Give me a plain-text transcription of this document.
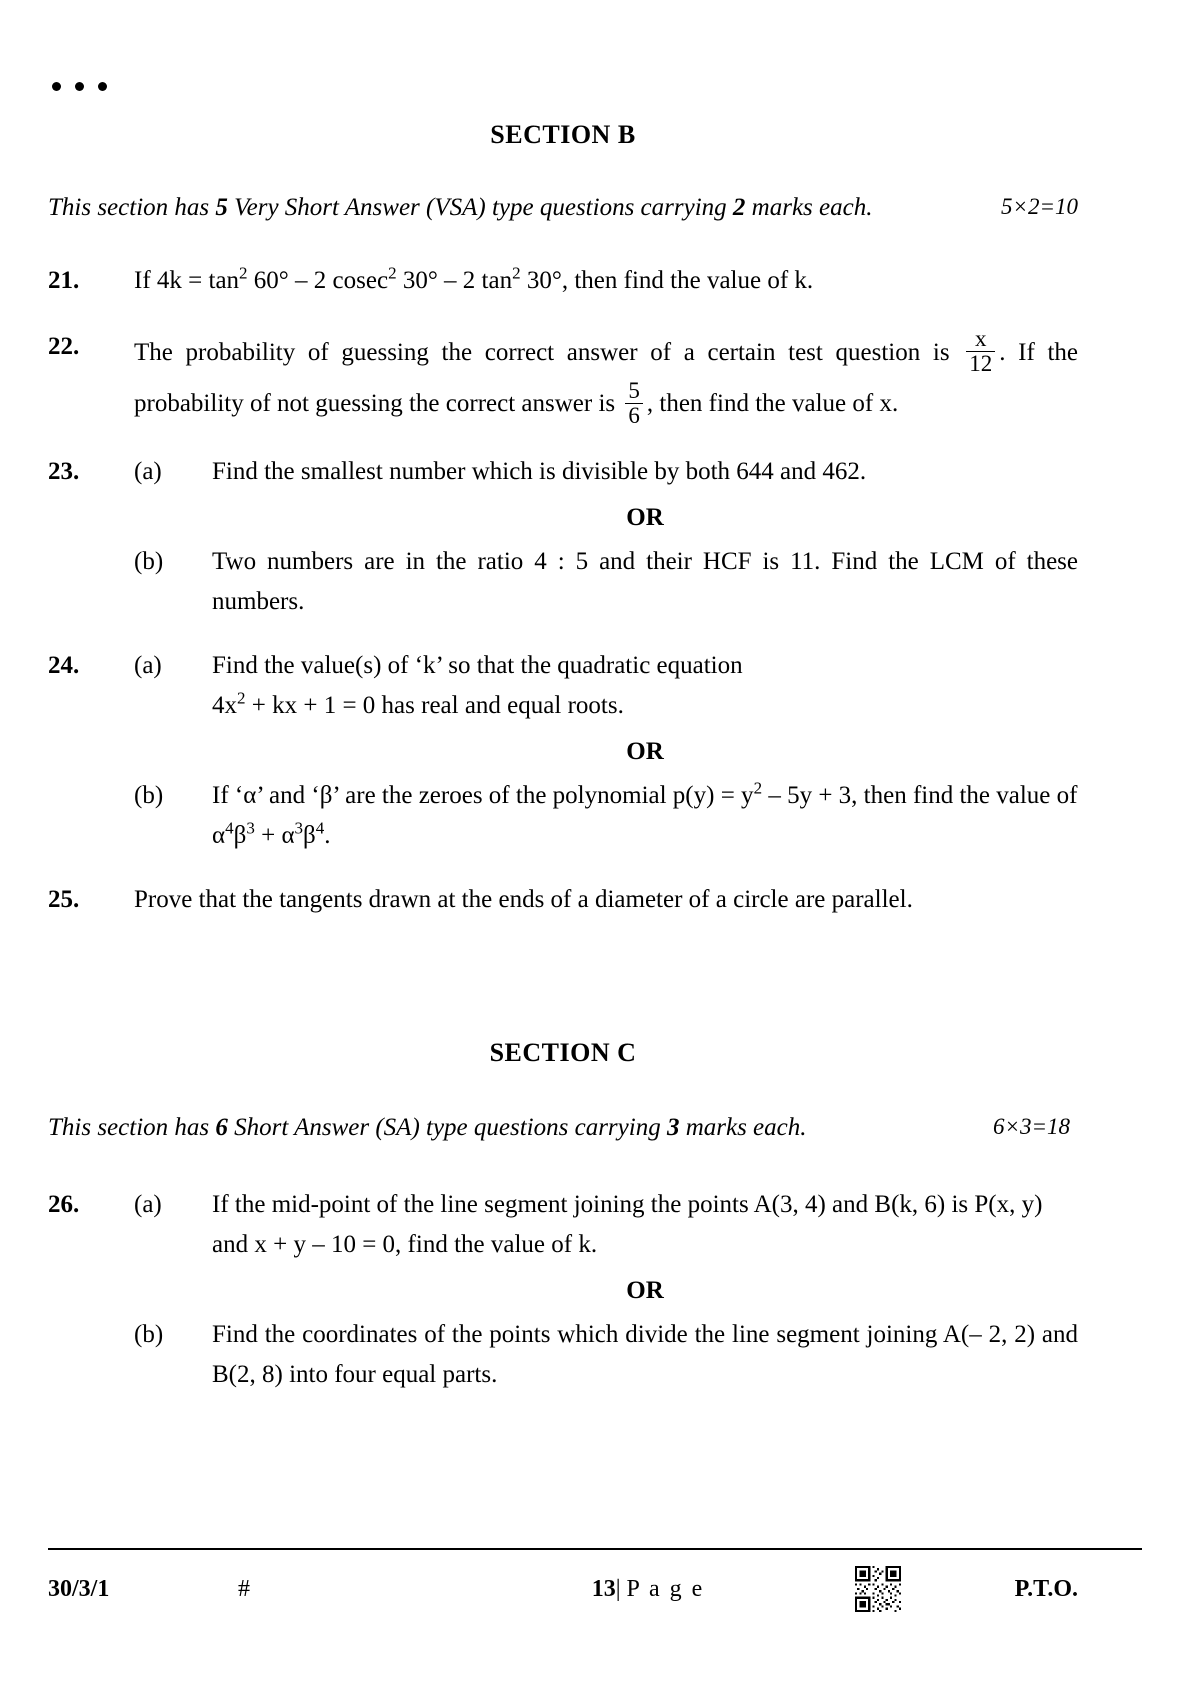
SECTION B
This section has 5 Very Short Answer (VSA) type questions carrying 2 marks each.	5×2=10
21.	If $4k = \tan^2 60^\circ - 2$ cosec$^2$ 30° – 2 $\tan^2 30^\circ$, then find the value of k.
22.	The probability of guessing the correct answer of a certain test question is $\frac{x}{12}$ . If the probability of not guessing the correct answer is $\frac{5}{6}$ , then find the value of x.
23.	(a)	Find the smallest number which is divisible by both 644 and 462.
OR
(b)	Two numbers are in the ratio 4 : 5 and their HCF is 11. Find the LCM of these numbers.
24.	(a)	Find the value(s) of ‘k’ so that the quadratic equation
$4x^2$ + kx + 1 = 0 has real and equal roots.
OR
(b)	If ‘α’ and ‘β’ are the zeroes of the polynomial $p(y) = y^2 - 5y + 3$, then find the value of $\alpha^4\beta^3 + \alpha^3\beta^4$.
25.	Prove that the tangents drawn at the ends of a diameter of a circle are parallel.
SECTION C
This section has 6 Short Answer (SA) type questions carrying 3 marks each.	6×3=18
26.	(a)	If the mid-point of the line segment joining the points A(3, 4) and B(k, 6) is P(x, y) and x + y – 10 = 0, find the value of k.
OR
(b)	Find the coordinates of the points which divide the line segment joining A(– 2, 2) and B(2, 8) into four equal parts.
30/3/1	#	13| P a g e	P.T.O.
